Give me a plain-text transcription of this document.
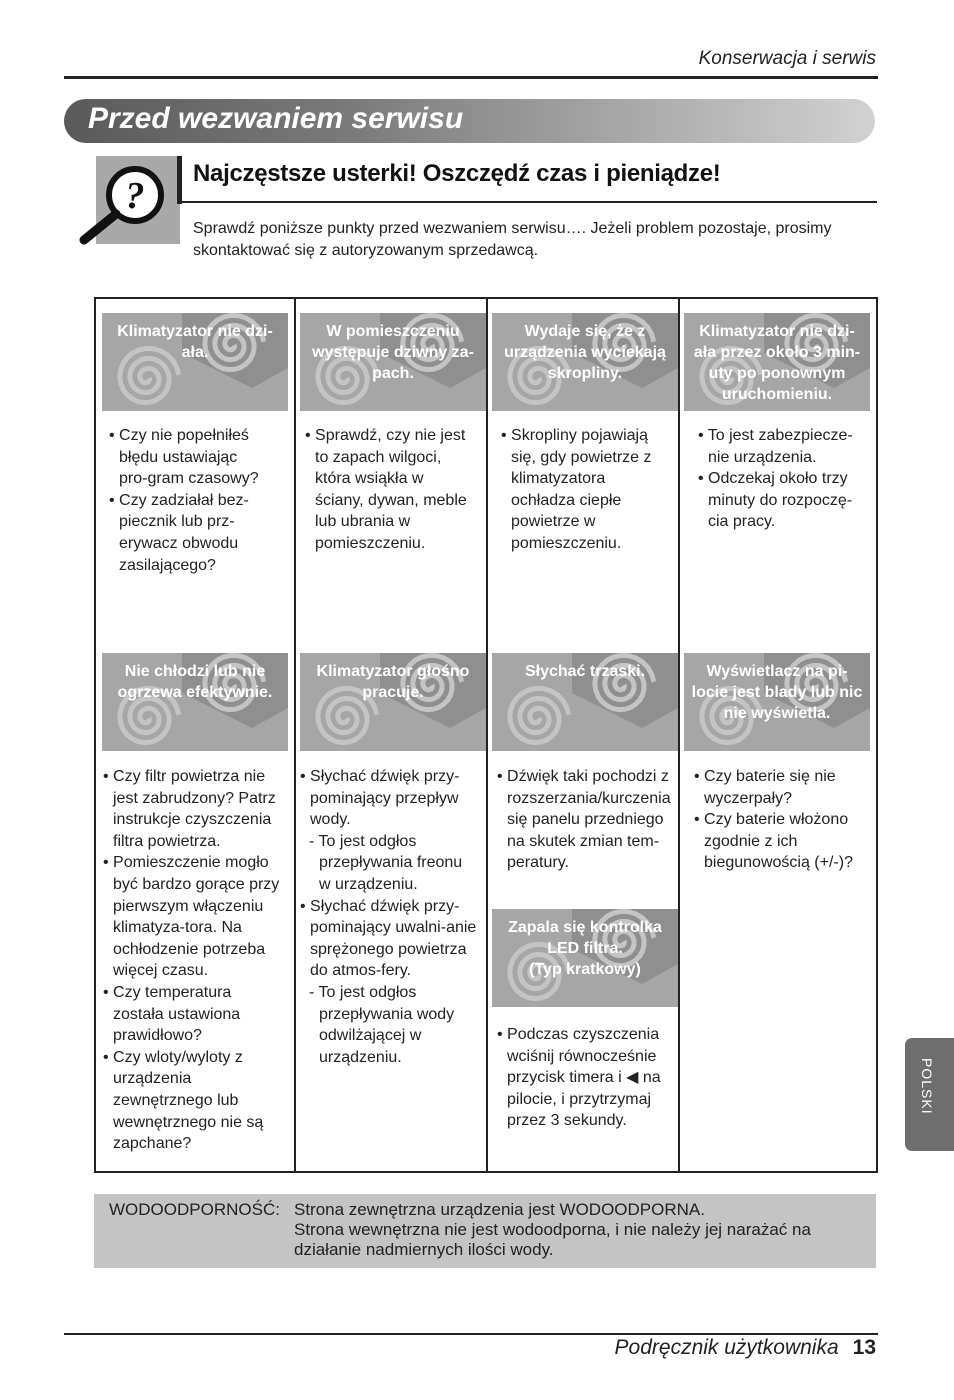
Konserwacja i serwis
Przed wezwaniem serwisu
?
Najczęstsze usterki! Oszczędź czas i pieniądze!
Sprawdź poniższe punkty przed wezwaniem serwisu…. Jeżeli problem pozostaje, prosimy skontaktować się z autoryzowanym sprzedawcą.
Klimatyzator nie dzi-
ała.
• Czy nie popełniłeś błędu ustawiając pro-gram czasowy?
• Czy zadziałał bez-piecznik lub prz-erywacz obwodu zasilającego?
W pomieszczeniu występuje dziwny za-
pach.
• Sprawdź, czy nie jest to zapach wilgoci, która wsiąkła w ściany, dywan, meble lub ubrania w pomieszczeniu.
Wydaje się, że z urządzenia wyciekają skropliny.
• Skropliny pojawiają się, gdy powietrze z klimatyzatora ochładza ciepłe powietrze w pomieszczeniu.
Klimatyzator nie dzi-
ała przez około 3 min-
uty po ponownym uruchomieniu.
• To jest zabezpiecze-nie urządzenia.
• Odczekaj około trzy minuty do rozpoczę-cia pracy.
Nie chłodzi lub nie ogrzewa efektywnie.
• Czy filtr powietrza nie jest zabrudzony? Patrz instrukcje czyszczenia filtra powietrza.
• Pomieszczenie mogło być bardzo gorące przy pierwszym włączeniu klimatyza-tora. Na ochłodzenie potrzeba więcej czasu.
• Czy temperatura została ustawiona prawidłowo?
• Czy wloty/wyloty z urządzenia zewnętrznego lub wewnętrznego nie są zapchane?
Klimatyzator głośno pracuje.
• Słychać dźwięk przy-pominający przepływ wody.
- To jest odgłos przepływania freonu w urządzeniu.
• Słychać dźwięk przy-pominający uwalni-anie sprężonego powietrza do atmos-fery.
- To jest odgłos przepływania wody odwilżającej w urządzeniu.
Słychać trzaski.
• Dźwięk taki pochodzi z rozszerzania/kurczenia się panelu przedniego na skutek zmian tem-peratury.
Wyświetlacz na pi-
locie jest blady lub nic nie wyświetla.
• Czy baterie się nie wyczerpały?
• Czy baterie włożono zgodnie z ich biegunowością (+/-)?
Zapala się kontrolka LED filtra.
(Typ kratkowy)
• Podczas czyszczenia wciśnij równocześnie przycisk timera i ◀ na pilocie, i przytrzymaj przez 3 sekundy.
WODOODPORNOŚĆ: Strona zewnętrzna urządzenia jest WODOODPORNA.
Strona wewnętrzna nie jest wodoodporna, i nie należy jej narażać na działanie nadmiernych ilości wody.
Podręcznik użytkownika 13
POLSKI
